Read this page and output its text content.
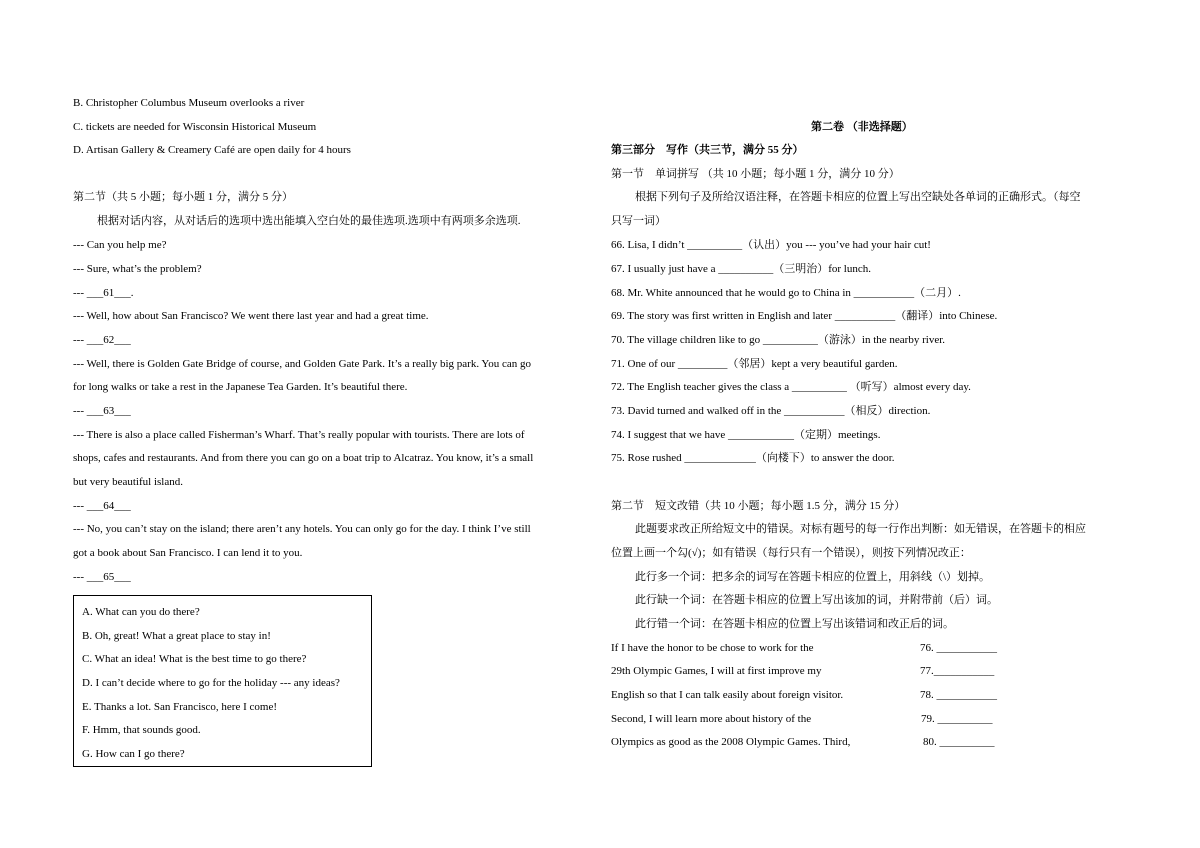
B. Christopher Columbus Museum overlooks a river
C. tickets are needed for Wisconsin Historical Museum
D. Artisan Gallery & Creamery Café are open daily for 4 hours
第二节（共 5 小题；每小题 1 分，满分 5 分）
根据对话内容，从对话后的选项中选出能填入空白处的最佳选项.选项中有两项多余选项.
--- Can you help me?
--- Sure, what’s the problem?
--- ___61___.
--- Well, how about San Francisco? We went there last year and had a great time.
--- ___62___
--- Well, there is Golden Gate Bridge of course, and Golden Gate Park. It’s a really big park. You can go
for long walks or take a rest in the Japanese Tea Garden. It’s beautiful there.
--- ___63___
--- There is also a place called Fisherman’s Wharf. That’s really popular with tourists. There are lots of
shops, cafes and restaurants. And from there you can go on a boat trip to Alcatraz. You know, it’s a small
but very beautiful island.
--- ___64___
--- No, you can’t stay on the island; there aren’t any hotels. You can only go for the day. I think I’ve still
got a book about San Francisco. I can lend it to you.
--- ___65___
A. What can you do there?
B. Oh, great! What a great place to stay in!
C. What an idea! What is the best time to go there?
D. I can’t decide where to go for the holiday --- any ideas?
E. Thanks a lot. San Francisco, here I come!
F. Hmm, that sounds good.
G. How can I go there?
第二卷 （非选择题）
第三部分　写作（共三节，满分 55 分）
第一节　单词拼写 （共 10 小题；每小题 1 分，满分 10 分）
根据下列句子及所给汉语注释，在答题卡相应的位置上写出空缺处各单词的正确形式。（每空
只写一词）
66. Lisa, I didn’t __________（认出）you --- you’ve had your hair cut!
67. I usually just have a __________（三明治）for lunch.
68. Mr. White announced that he would go to China in ___________（二月）.
69. The story was first written in English and later ___________（翻译）into Chinese.
70. The village children like to go __________（游泳）in the nearby river.
71. One of our _________（邻居）kept a very beautiful garden.
72. The English teacher gives the class a __________ （听写）almost every day.
73. David turned and walked off in the ___________（相反）direction.
74. I suggest that we have ____________（定期）meetings.
75. Rose rushed _____________（向楼下）to answer the door.
第二节　短文改错（共 10 小题；每小题 1.5 分，满分 15 分）
此题要求改正所给短文中的错误。对标有题号的每一行作出判断：如无错误，在答题卡的相应
位置上画一个勾(√)；如有错误（每行只有一个错误），则按下列情况改正：
此行多一个词：把多余的词写在答题卡相应的位置上，用斜线（\）划掉。
此行缺一个词：在答题卡相应的位置上写出该加的词，并附带前（后）词。
此行错一个词：在答题卡相应的位置上写出该错词和改正后的词。
If I have the honor to be chose to work for the
29th Olympic Games, I will at first improve my
English so that I can talk easily about foreign visitor.
Second, I will learn more about history of the
Olympics as good as the 2008 Olympic Games. Third,
76. ___________
77.___________
78. ___________
79. __________
80. __________
